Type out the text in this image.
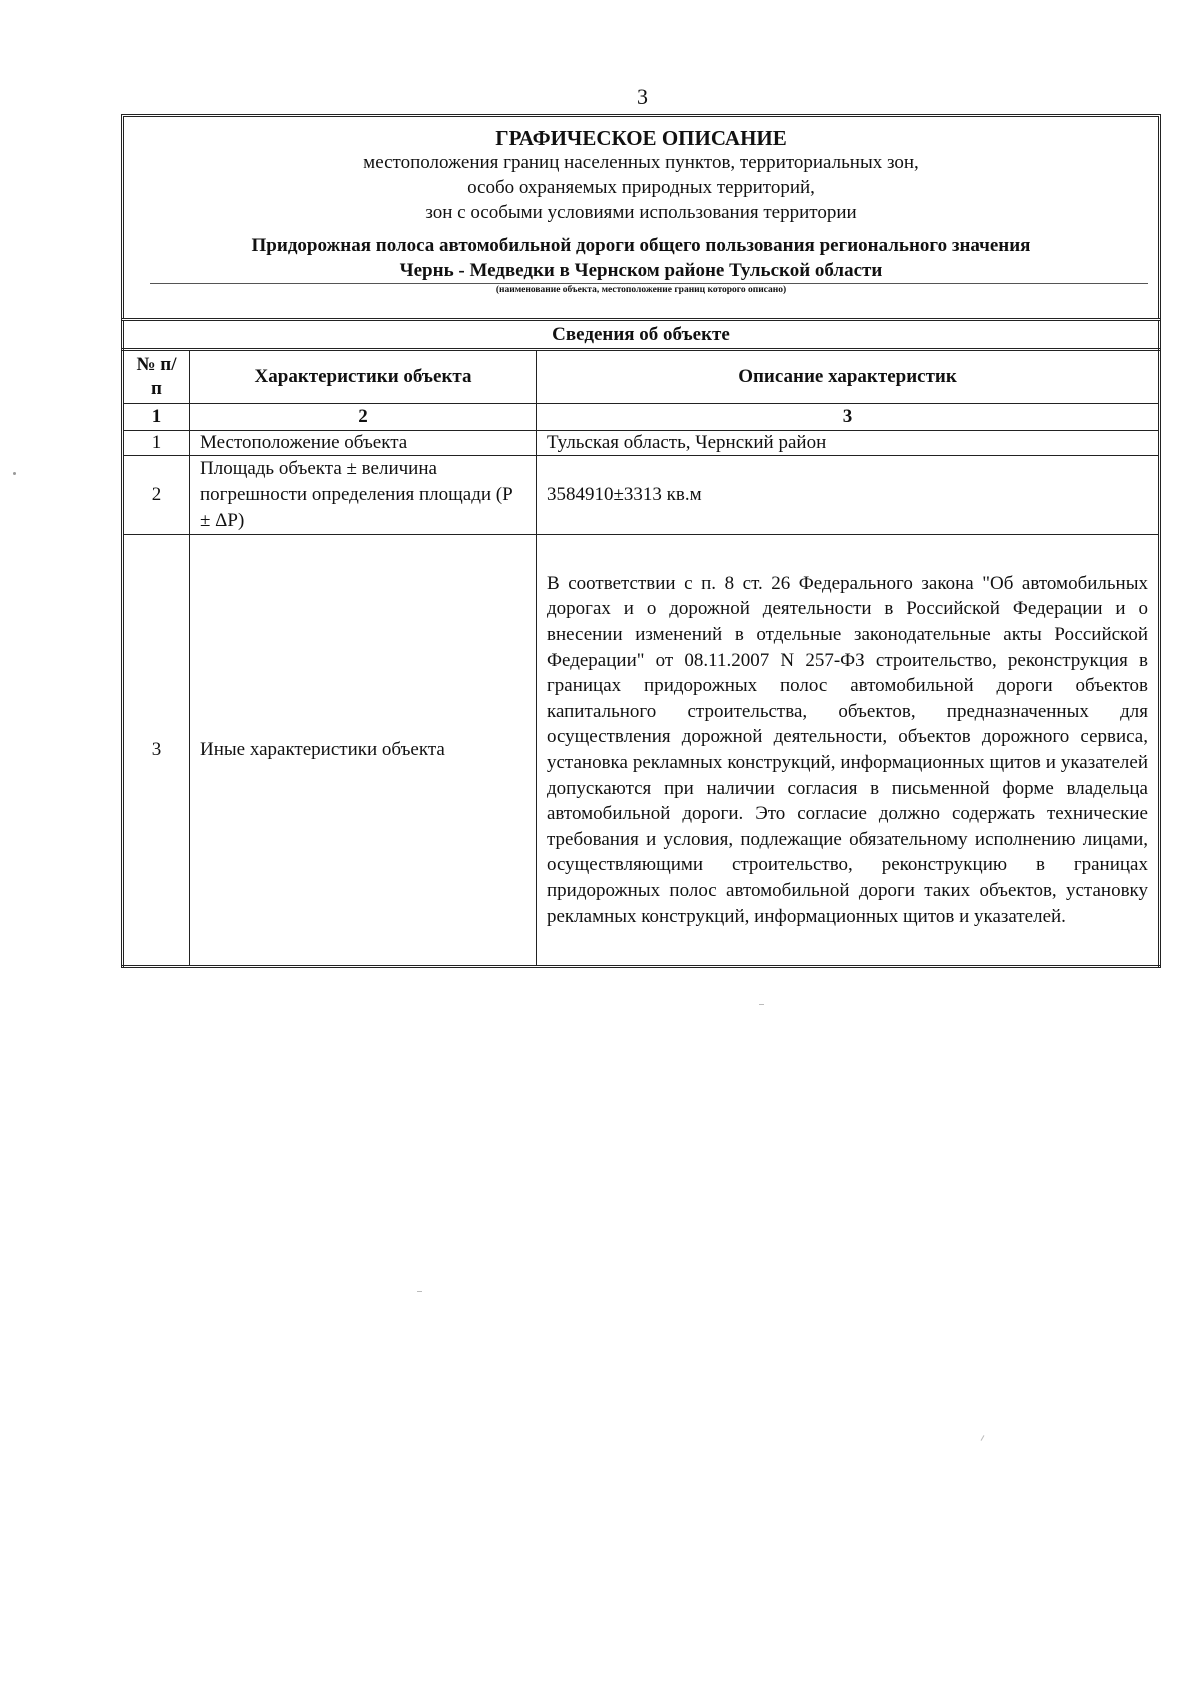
3
ГРАФИЧЕСКОЕ ОПИСАНИЕ
местоположения границ населенных пунктов, территориальных зон,
особо охраняемых природных территорий,
зон с особыми условиями использования территории
Придорожная полоса автомобильной дороги общего пользования регионального значения
Чернь - Медведки в Чернском районе Тульской области
(наименование объекта, местоположение границ которого описано)
Сведения об объекте
№ п/п	Характеристики объекта	Описание характеристик
1	2	3
1	Местоположение объекта	Тульская область, Чернский район
2	Площадь объекта ± величина погрешности определения площади (P ± ΔP)	3584910±3313 кв.м
3	Иные характеристики объекта	В соответствии с п. 8 ст. 26 Федерального закона "Об автомобильных дорогах и о дорожной деятельности в Российской Федерации и о внесении изменений в отдельные законодательные акты Российской Федерации" от 08.11.2007 N 257-ФЗ строительство, реконструкция в границах придорожных полос автомобильной дороги объектов капитального строительства, объектов, предназначенных для осуществления дорожной деятельности, объектов дорожного сервиса, установка рекламных конструкций, информационных щитов и указателей допускаются при наличии согласия в письменной форме владельца автомобильной дороги. Это согласие должно содержать технические требования и условия, подлежащие обязательному исполнению лицами, осуществляющими строительство, реконструкцию в границах придорожных полос автомобильной дороги таких объектов, установку рекламных конструкций, информационных щитов и указателей.
